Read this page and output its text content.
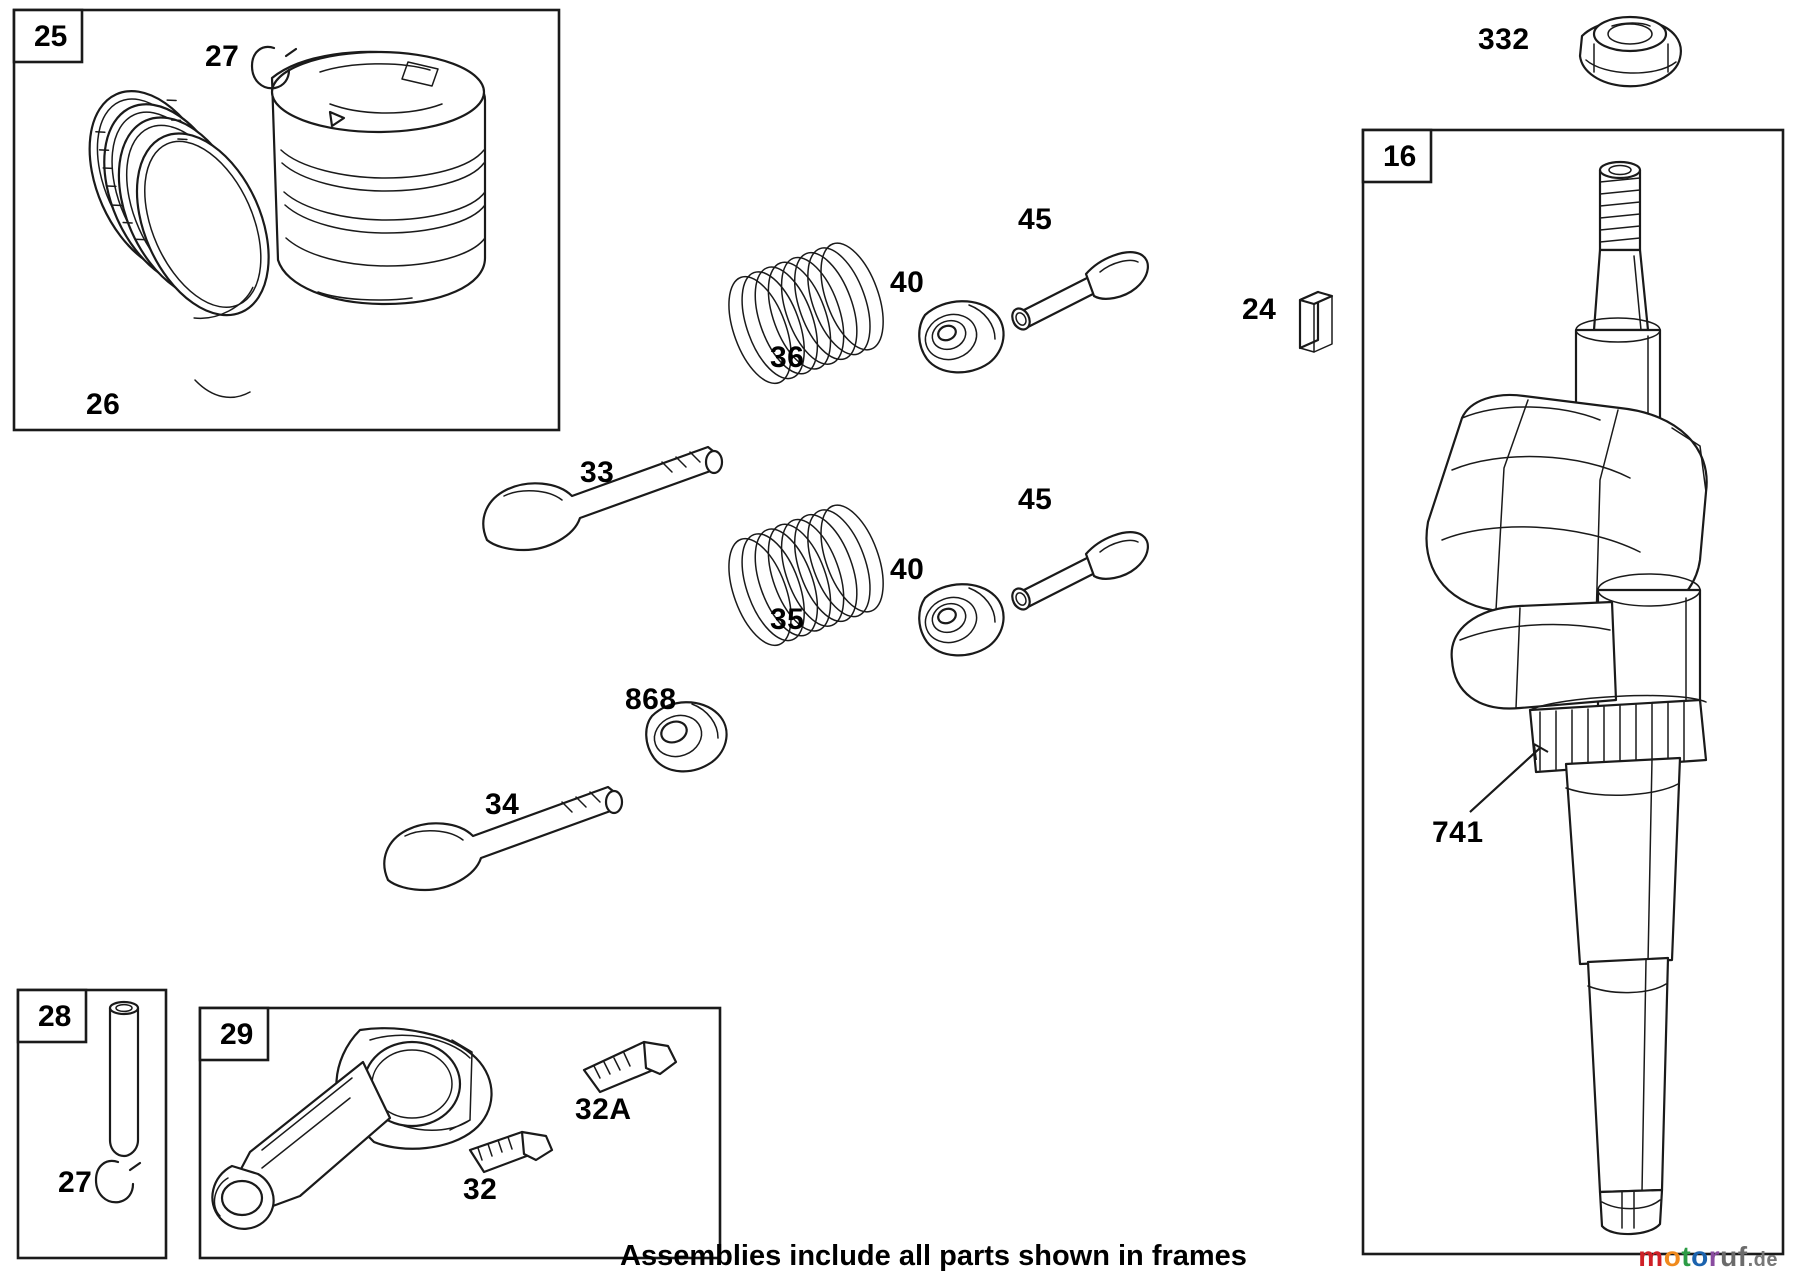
25
28
29
16
27
26
33
36
40
45
24
332
45
40
35
868
34
741
27
32A
32
Assemblies include all parts shown in frames	motoruf.de
